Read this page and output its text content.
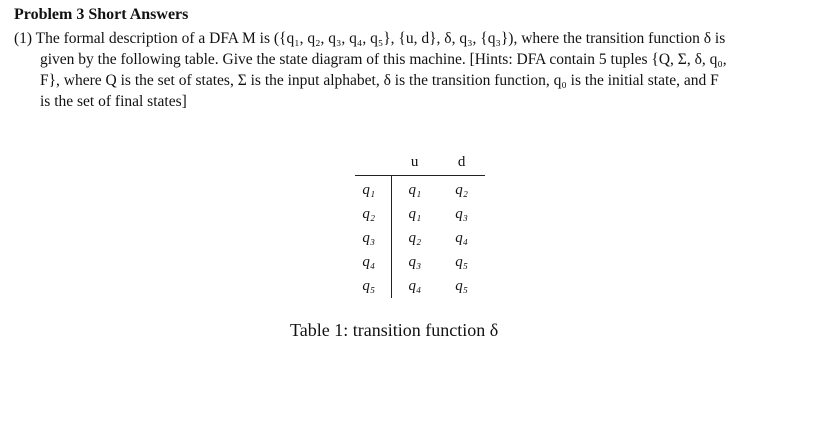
Problem 3 Short Answers
(1) The formal description of a DFA M is ({q₁, q₂, q₃, q₄, q₅}, {u, d}, δ, q₃, {q₃}), where the transition function δ is
given by the following table. Give the state diagram of this machine. [Hints: DFA contain 5 tuples {Q, Σ, δ, q₀,
F}, where Q is the set of states, Σ is the input alphabet, δ is the transition function, q₀ is the initial state, and F
is the set of final states]
	u	d
q₁	q₁	q₂
q₂	q₁	q₃
q₃	q₂	q₄
q₄	q₃	q₅
q₅	q₄	q₅
Table 1: transition function δ
